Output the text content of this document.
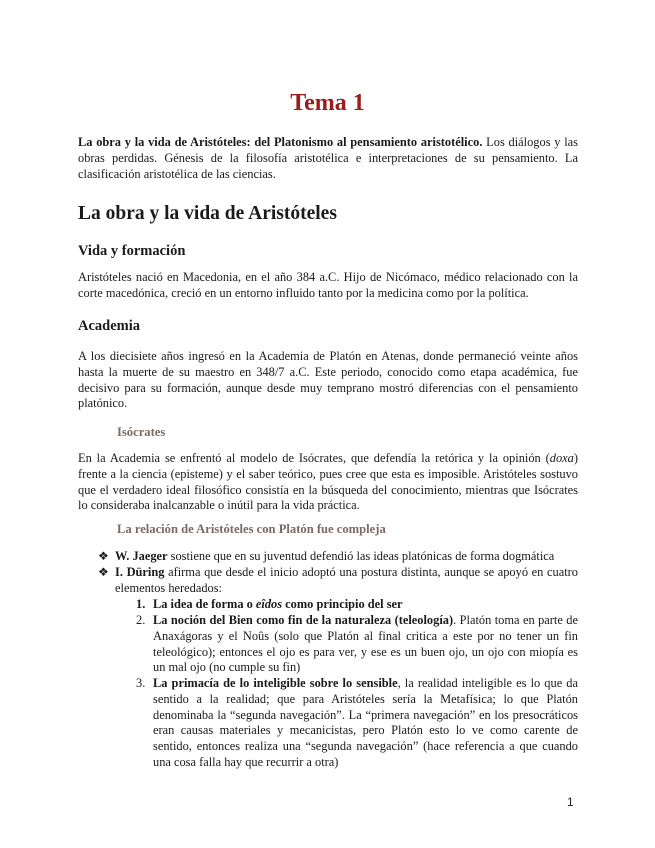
Tema 1

La obra y la vida de Aristóteles: del Platonismo al pensamiento aristotélico. Los diálogos y las obras perdidas. Génesis de la filosofía aristotélica e interpretaciones de su pensamiento. La clasificación aristotélica de las ciencias.

La obra y la vida de Aristóteles
Vida y formación

Aristóteles nació en Macedonia, en el año 384 a.C. Hijo de Nicómaco, médico relacionado con la corte macedónica, creció en un entorno influido tanto por la medicina como por la política.

Academia

A los diecisiete años ingresó en la Academia de Platón en Atenas, donde permaneció veinte años hasta la muerte de su maestro en 348/7 a.C. Este periodo, conocido como etapa académica, fue decisivo para su formación, aunque desde muy temprano mostró diferencias con el pensamiento platónico.

Isócrates

En la Academia se enfrentó al modelo de Isócrates, que defendía la retórica y la opinión (doxa) frente a la ciencia (episteme) y el saber teórico, pues cree que esta es imposible. Aristóteles sostuvo que el verdadero ideal filosófico consistía en la búsqueda del conocimiento, mientras que Isócrates lo consideraba inalcanzable o inútil para la vida práctica.

La relación de Aristóteles con Platón fue compleja

❖ W. Jaeger sostiene que en su juventud defendió las ideas platónicas de forma dogmática

❖ I. Düring afirma que desde el inicio adoptó una postura distinta, aunque se apoyó en cuatro elementos heredados:

1. La idea de forma o eîdos como principio del ser

2. La noción del Bien como fin de la naturaleza (teleología). Platón toma en parte de Anaxágoras y el Noûs (solo que Platón al final critica a este por no tener un fin teleológico); entonces el ojo es para ver, y ese es un buen ojo, un ojo con miopía es un mal ojo (no cumple su fin)

3. La primacía de lo inteligible sobre lo sensible, la realidad inteligible es lo que da sentido a la realidad; que para Aristóteles sería la Metafísica; lo que Platón denominaba la “segunda navegación”. La “primera navegación” en los presocráticos eran causas materiales y mecanicistas, pero Platón esto lo ve como carente de sentido, entonces realiza una “segunda navegación” (hace referencia a que cuando una cosa falla hay que recurrir a otra)

1
